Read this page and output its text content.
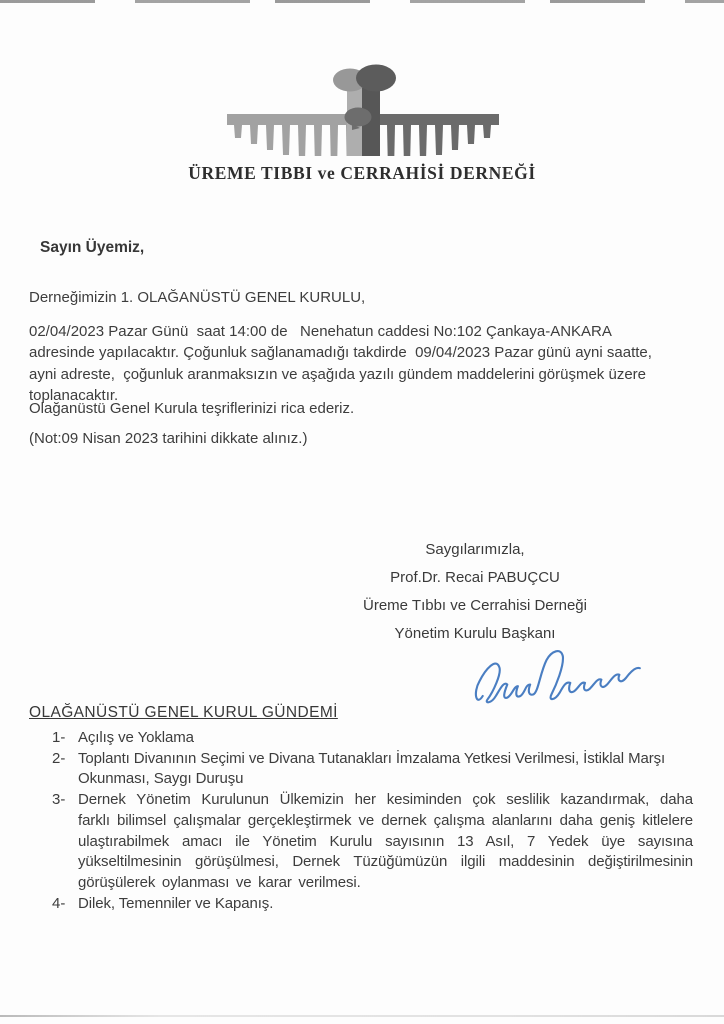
ÜREME TIBBI ve CERRAHİSİ DERNEĞİ

Sayın Üyemiz,

Derneğimizin 1. OLAĞANÜSTÜ GENEL KURULU,

02/04/2023 Pazar Günü  saat 14:00 de   Nenehatun caddesi No:102 Çankaya-ANKARA
adresinde yapılacaktır. Çoğunluk sağlanamadığı takdirde  09/04/2023 Pazar günü ayni saatte,
ayni adreste,  çoğunluk aranmaksızın ve aşağıda yazılı gündem maddelerini görüşmek üzere
toplanacaktır.

Olağanüstü Genel Kurula teşriflerinizi rica ederiz.

(Not:09 Nisan 2023 tarihini dikkate alınız.)

Saygılarımızla,
Prof.Dr. Recai PABUÇCU
Üreme Tıbbı ve Cerrahisi Derneği
Yönetim Kurulu Başkanı
OLAĞANÜSTÜ GENEL KURUL GÜNDEMİ
1- Açılış ve Yoklama
2- Toplantı Divanının Seçimi ve Divana Tutanakları İmzalama Yetkesi Verilmesi, İstiklal Marşı Okunması, Saygı Duruşu
3- Dernek Yönetim Kurulunun Ülkemizin her kesiminden çok seslilik kazandırmak, daha farklı bilimsel çalışmalar gerçekleştirmek ve dernek çalışma alanlarını daha geniş kitlelere ulaştırabilmek amacı ile Yönetim Kurulu sayısının 13 Asıl, 7 Yedek üye sayısına yükseltilmesinin görüşülmesi, Dernek Tüzüğümüzün ilgili maddesinin değiştirilmesinin görüşülerek oylanması ve karar verilmesi.
4- Dilek, Temenniler ve Kapanış.
